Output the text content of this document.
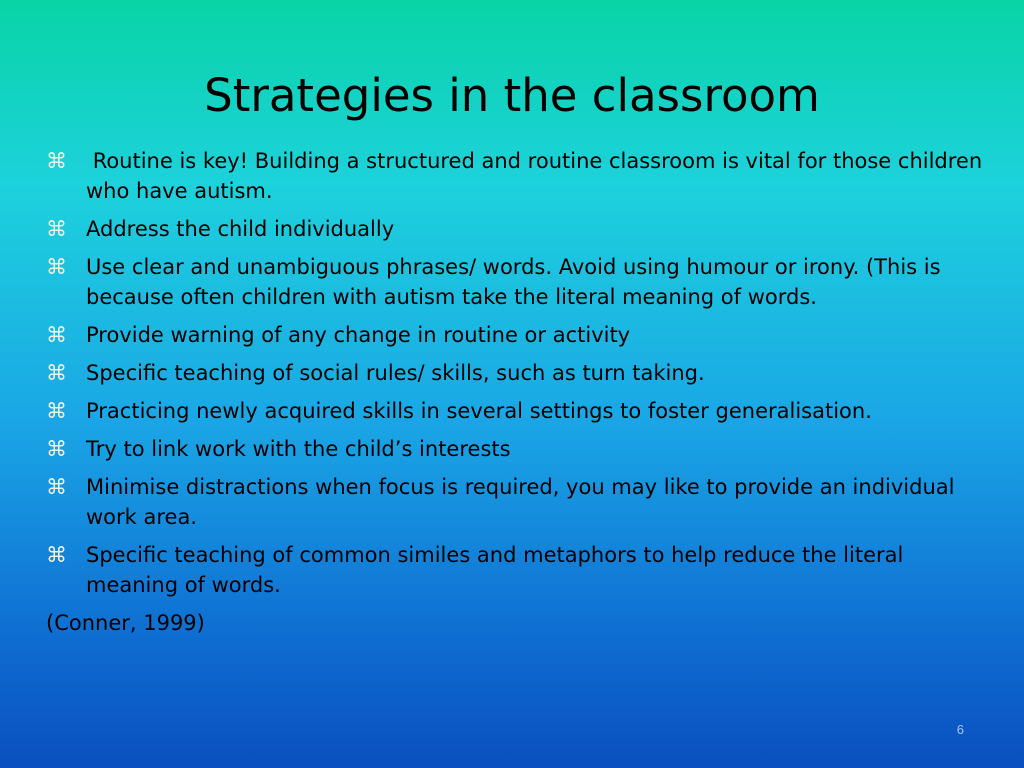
Strategies in the classroom
⌘ Routine is key! Building a structured and routine classroom is vital for those children who have autism.
⌘ Address the child individually
⌘ Use clear and unambiguous phrases/ words. Avoid using humour or irony. (This is because often children with autism take the literal meaning of words.
⌘ Provide warning of any change in routine or activity
⌘ Specific teaching of social rules/ skills, such as turn taking.
⌘ Practicing newly acquired skills in several settings to foster generalisation.
⌘ Try to link work with the child’s interests
⌘ Minimise distractions when focus is required, you may like to provide an individual work area.
⌘ Specific teaching of common similes and metaphors to help reduce the literal meaning of words.
(Conner, 1999)
6
